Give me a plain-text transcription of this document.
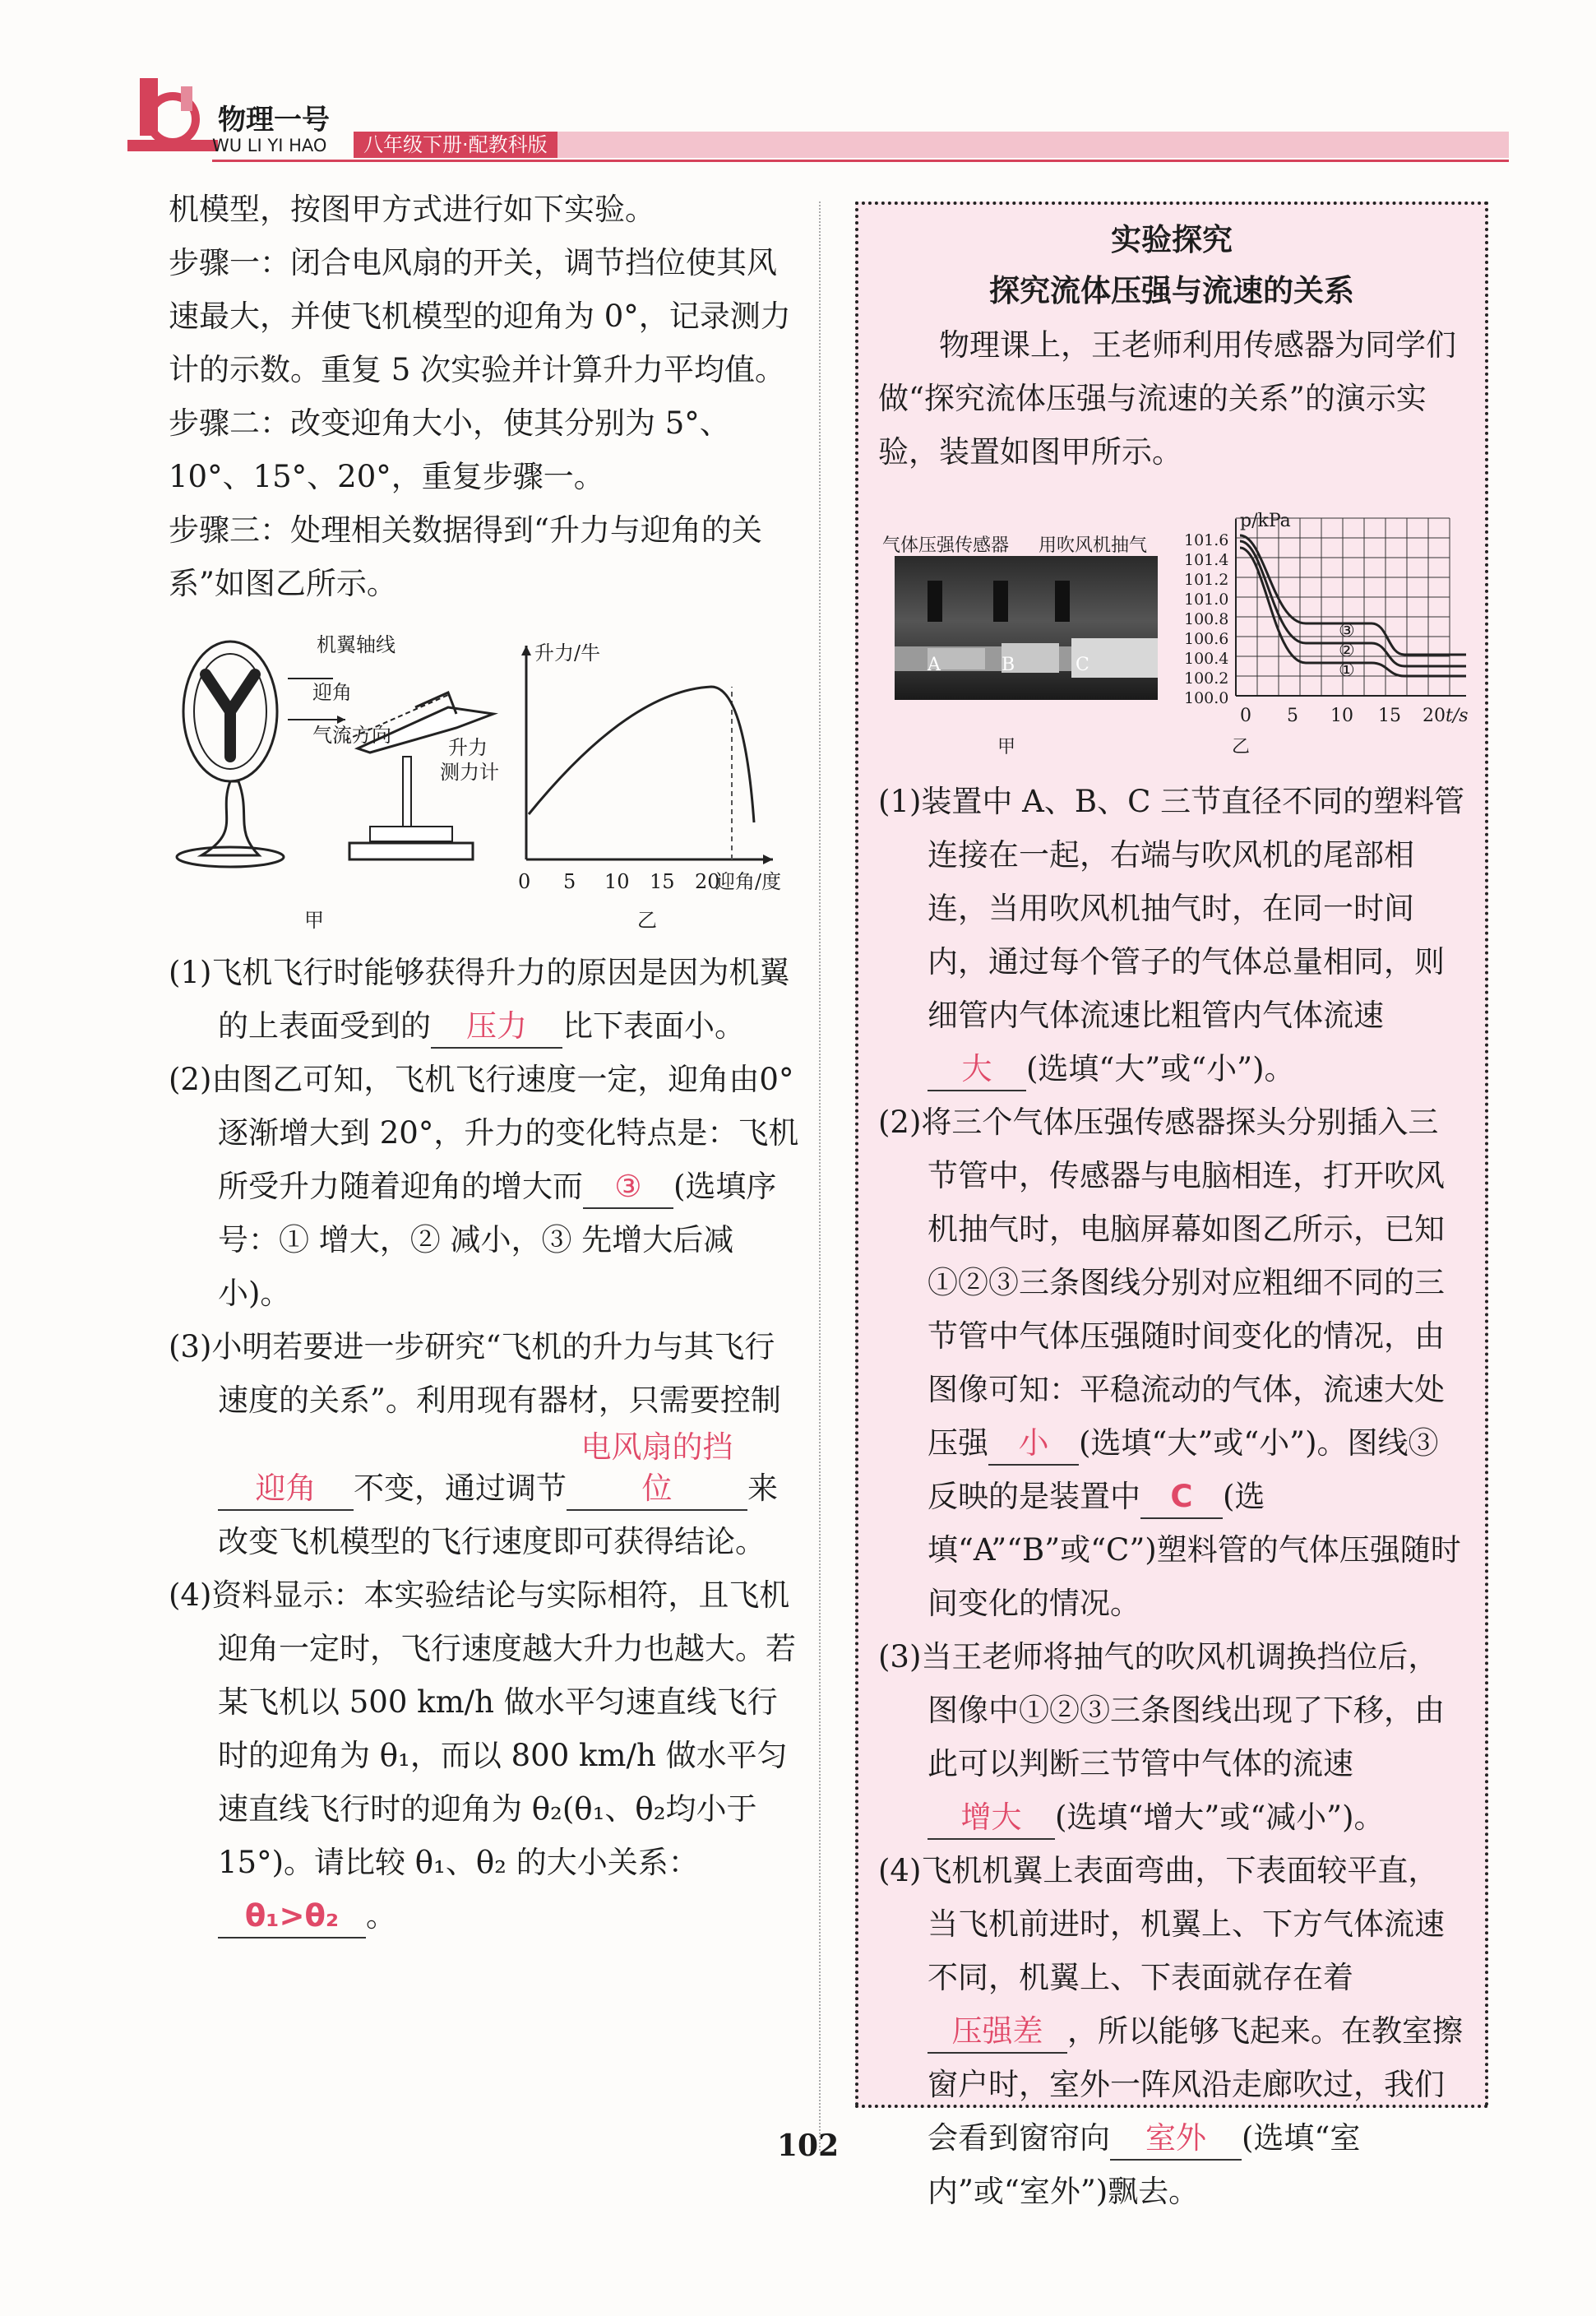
物理一号
WU LI YI HAO	八年级下册·配教科版

机模型，按图甲方式进行如下实验。

步骤一：闭合电风扇的开关，调节挡位使其风速最大，并使飞机模型的迎角为 0°，记录测力计的示数。重复 5 次实验并计算升力平均值。

步骤二：改变迎角大小，使其分别为 5°、10°、15°、20°，重复步骤一。

步骤三：处理相关数据得到“升力与迎角的关系”如图乙所示。

机翼轴线
迎角
气流方向
升力
测力计
升力/牛
0 5 10 15 20
迎角/度
甲	乙

(1)飞机飞行时能够获得升力的原因是因为机翼的上表面受到的 压力 比下表面小。

(2)由图乙可知，飞机飞行速度一定，迎角由0°逐渐增大到 20°，升力的变化特点是：飞机所受升力随着迎角的增大而 ③ (选填序号：① 增大，② 减小，③ 先增大后减小)。

(3)小明若要进一步研究“飞机的升力与其飞行速度的关系”。利用现有器材，只需要控制迎角 不变，通过调节电风扇的挡位 来改变飞机模型的飞行速度即可获得结论。

(4)资料显示：本实验结论与实际相符，且飞机迎角一定时，飞行速度越大升力也越大。若某飞机以 500 km/h 做水平匀速直线飞行时的迎角为 θ₁，而以 800 km/h 做水平匀速直线飞行时的迎角为 θ₂(θ₁、θ₂均小于 15°)。请比较 θ₁、θ₂ 的大小关系：θ₁>θ₂ 。

实验探究

探究流体压强与流速的关系

物理课上，王老师利用传感器为同学们做“探究流体压强与流速的关系”的演示实验，装置如图甲所示。

气体压强传感器 用吹风机抽气
A	B	C
p/kPa
101.6
101.4
101.2
101.0
100.8
100.6
100.4
100.2
100.0
0 5 10 15 20 t/s
①
②
③
甲	乙

(1)装置中 A、B、C 三节直径不同的塑料管连接在一起，右端与吹风机的尾部相连，当用吹风机抽气时，在同一时间内，通过每个管子的气体总量相同，则细管内气体流速比粗管内气体流速大 (选填“大”或“小”)。

(2)将三个气体压强传感器探头分别插入三节管中，传感器与电脑相连，打开吹风机抽气时，电脑屏幕如图乙所示，已知①②③三条图线分别对应粗细不同的三节管中气体压强随时间变化的情况，由图像可知：平稳流动的气体，流速大处压强 小 (选填“大”或“小”)。图线③反映的是装置中 C (选填“A”“B”或“C”)塑料管的气体压强随时间变化的情况。

(3)当王老师将抽气的吹风机调换挡位后，图像中①②③三条图线出现了下移，由此可以判断三节管中气体的流速增大 (选填“增大”或“减小”)。

(4)飞机机翼上表面弯曲，下表面较平直，当飞机前进时，机翼上、下方气体流速不同，机翼上、下表面就存在着压强差 ，所以能够飞起来。在教室擦窗户时，室外一阵风沿走廊吹过，我们会看到窗帘向 室外 (选填“室内”或“室外”)飘去。

102
